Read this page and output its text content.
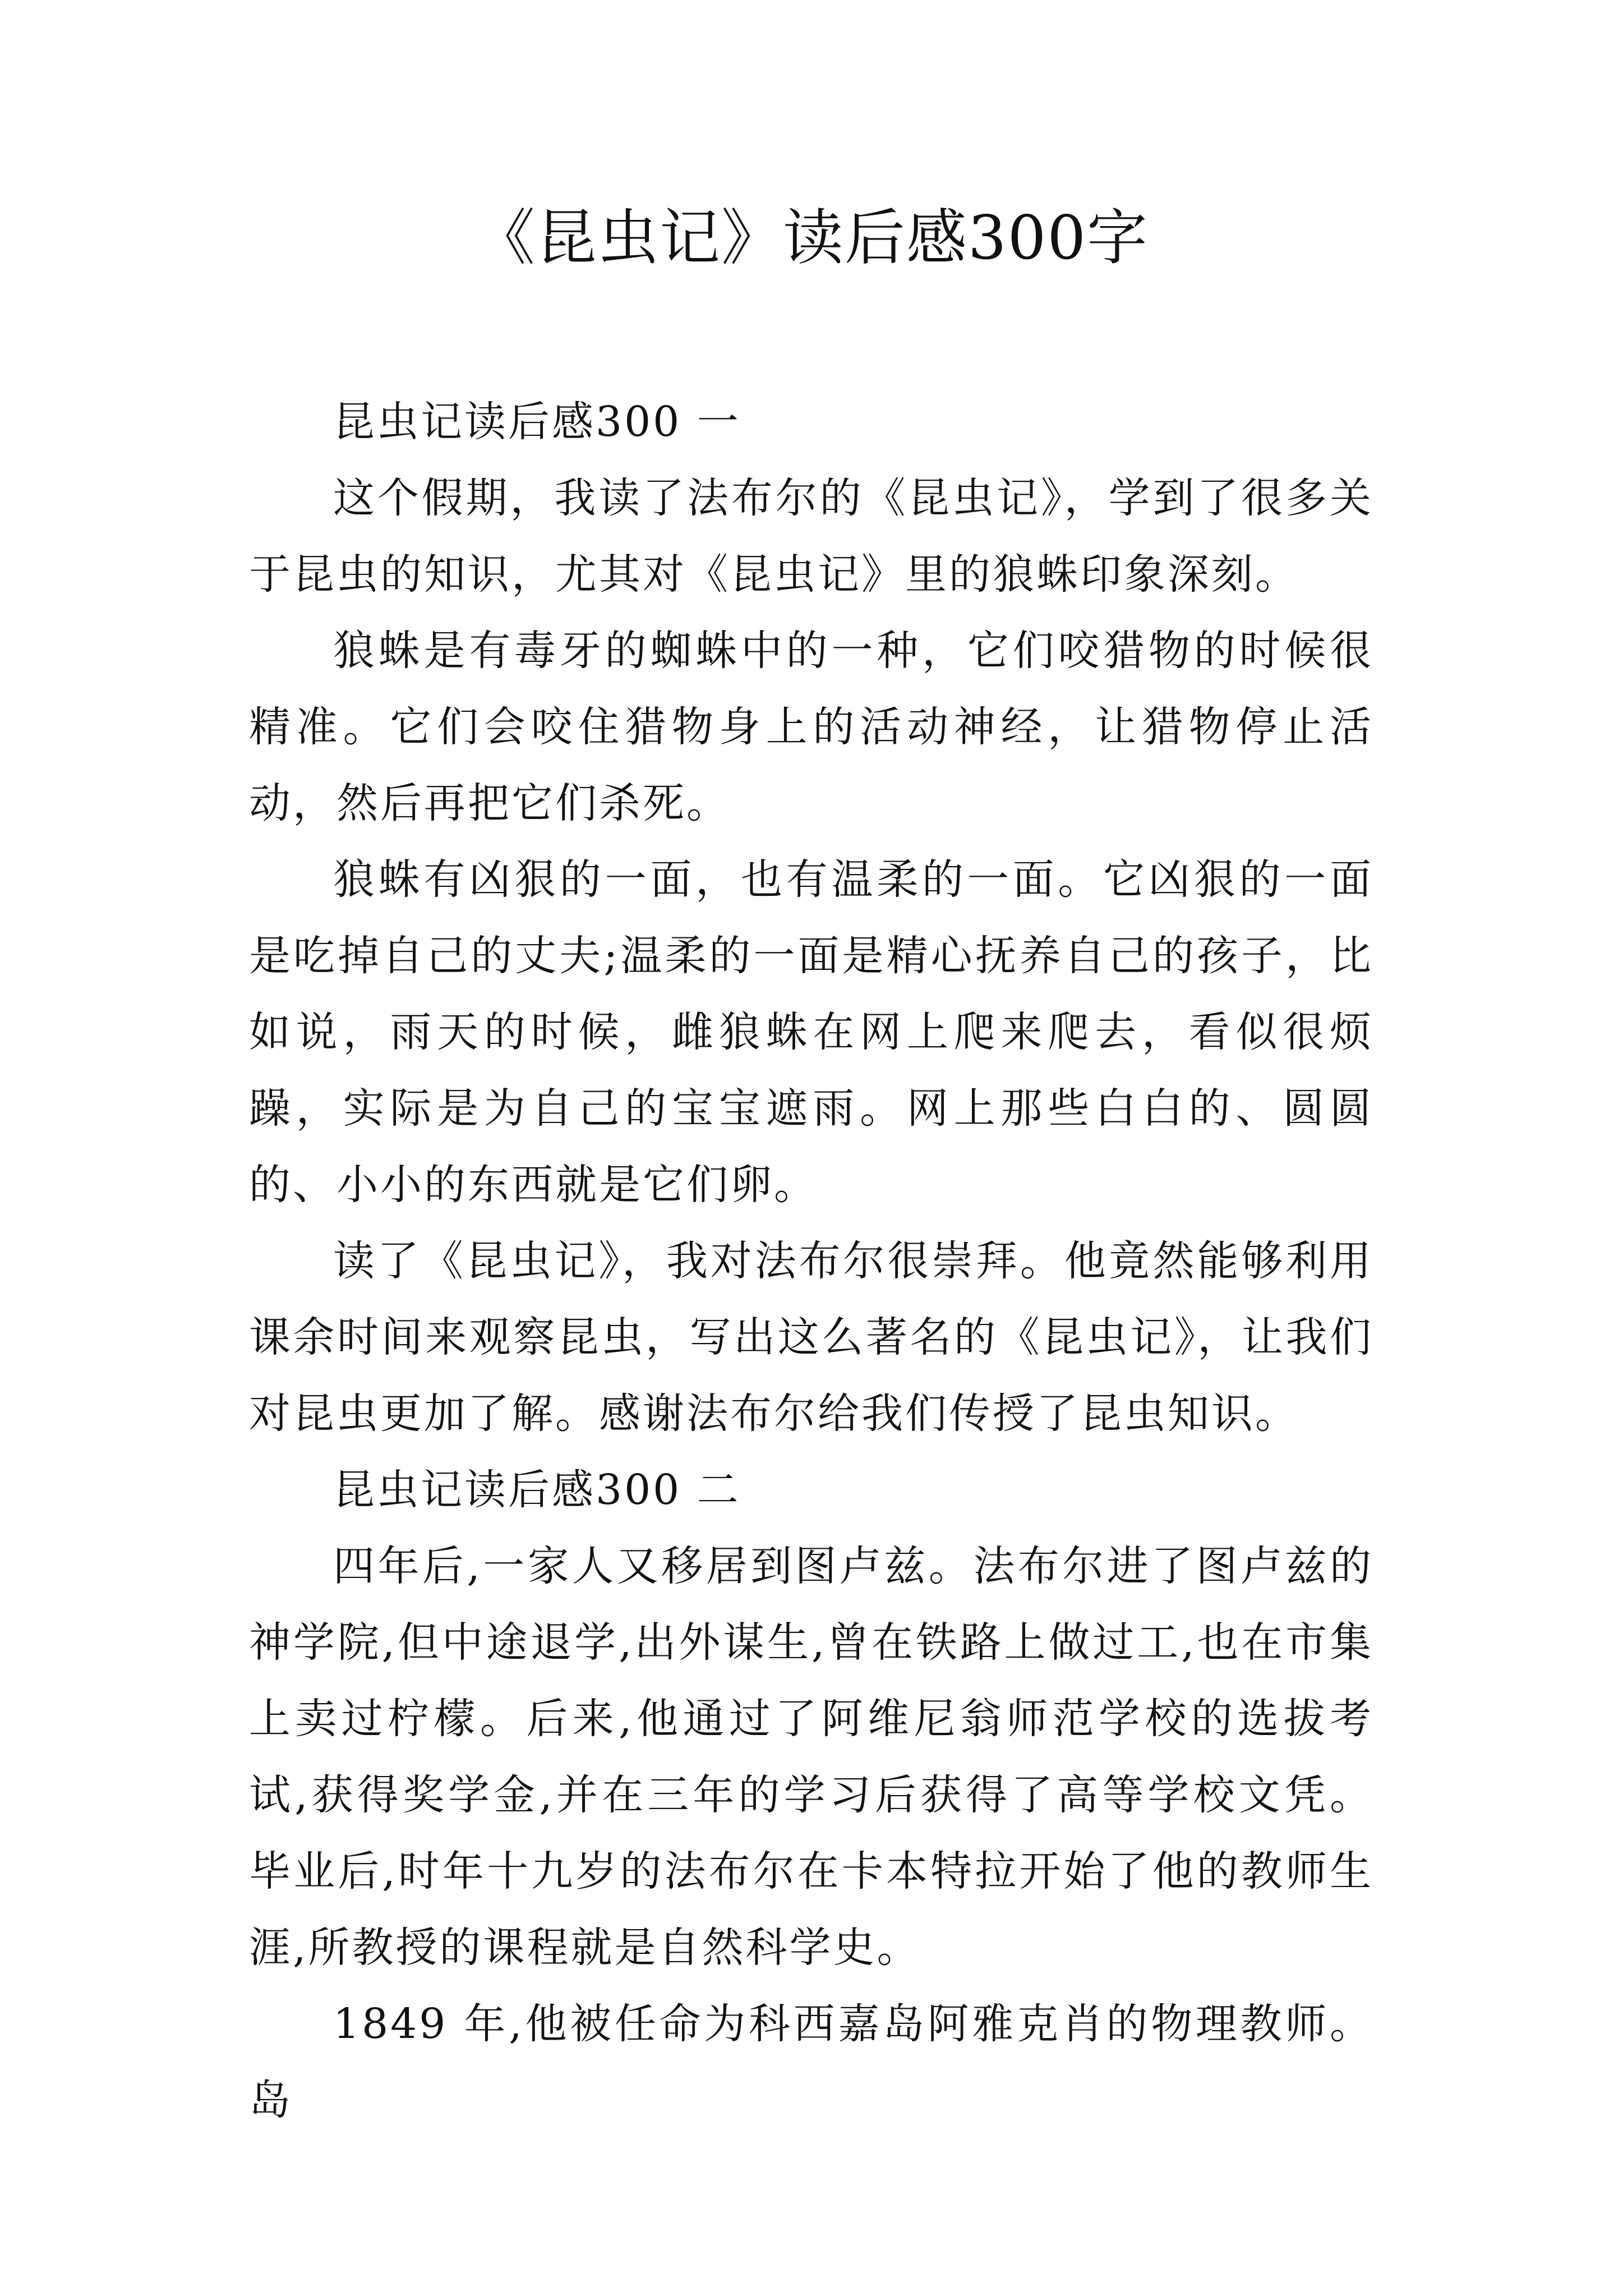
《昆虫记》读后感300字

昆虫记读后感300 一

这个假期，我读了法布尔的《昆虫记》，学到了很多关于昆虫的知识，尤其对《昆虫记》里的狼蛛印象深刻。

狼蛛是有毒牙的蜘蛛中的一种，它们咬猎物的时候很精准。它们会咬住猎物身上的活动神经，让猎物停止活动，然后再把它们杀死。

狼蛛有凶狠的一面，也有温柔的一面。它凶狠的一面是吃掉自己的丈夫;温柔的一面是精心抚养自己的孩子，比如说，雨天的时候，雌狼蛛在网上爬来爬去，看似很烦躁，实际是为自己的宝宝遮雨。网上那些白白的、圆圆的、小小的东西就是它们卵。

读了《昆虫记》，我对法布尔很崇拜。他竟然能够利用课余时间来观察昆虫，写出这么著名的《昆虫记》，让我们对昆虫更加了解。感谢法布尔给我们传授了昆虫知识。

昆虫记读后感300 二

四年后,一家人又移居到图卢兹。法布尔进了图卢兹的神学院,但中途退学,出外谋生,曾在铁路上做过工,也在市集上卖过柠檬。后来,他通过了阿维尼翁师范学校的选拔考试,获得奖学金,并在三年的学习后获得了高等学校文凭。毕业后,时年十九岁的法布尔在卡本特拉开始了他的教师生涯,所教授的课程就是自然科学史。

1849 年,他被任命为科西嘉岛阿雅克肖的物理教师。岛
